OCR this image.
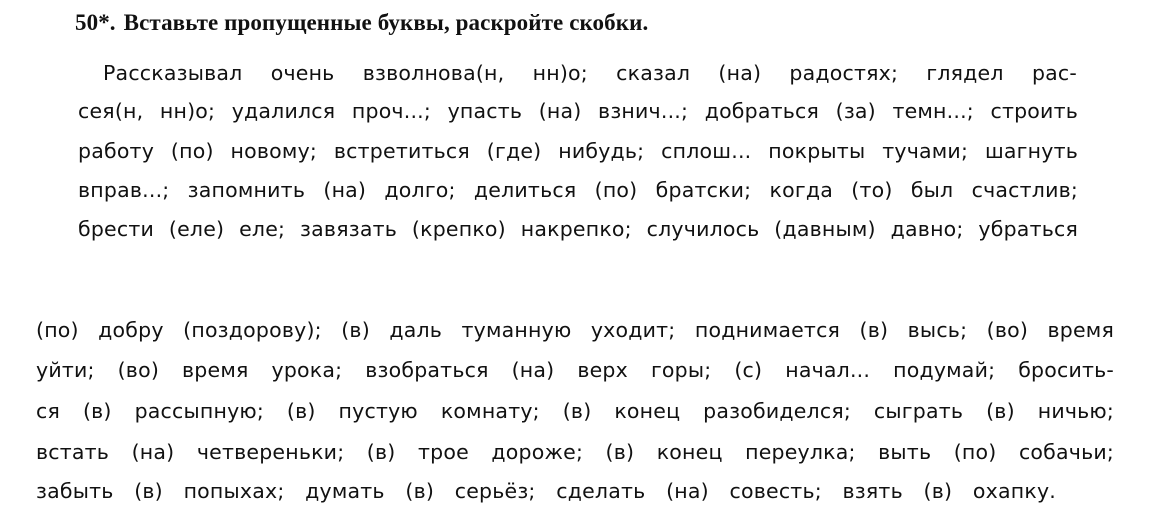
50*. Вставьте пропущенные буквы, раскройте скобки.
Рассказывал очень взволнова(н, нн)о; сказал (на) радостях; глядел рас-
сея(н, нн)о; удалился проч...; упасть (на) взнич...; добраться (за) темн...; строить
работу (по) новому; встретиться (где) нибудь; сплош... покрыты тучами; шагнуть
вправ...; запомнить (на) долго; делиться (по) братски; когда (то) был счастлив;
брести (еле) еле; завязать (крепко) накрепко; случилось (давным) давно; убраться
(по) добру (поздорову); (в) даль туманную уходит; поднимается (в) высь; (во) время
уйти; (во) время урока; взобраться (на) верх горы; (с) начал... подумай; бросить-
ся (в) рассыпную; (в) пустую комнату; (в) конец разобиделся; сыграть (в) ничью;
встать (на) четвереньки; (в) трое дороже; (в) конец переулка; выть (по) собачьи;
забыть (в) попыхах; думать (в) серьёз; сделать (на) совесть; взять (в) охапку.
